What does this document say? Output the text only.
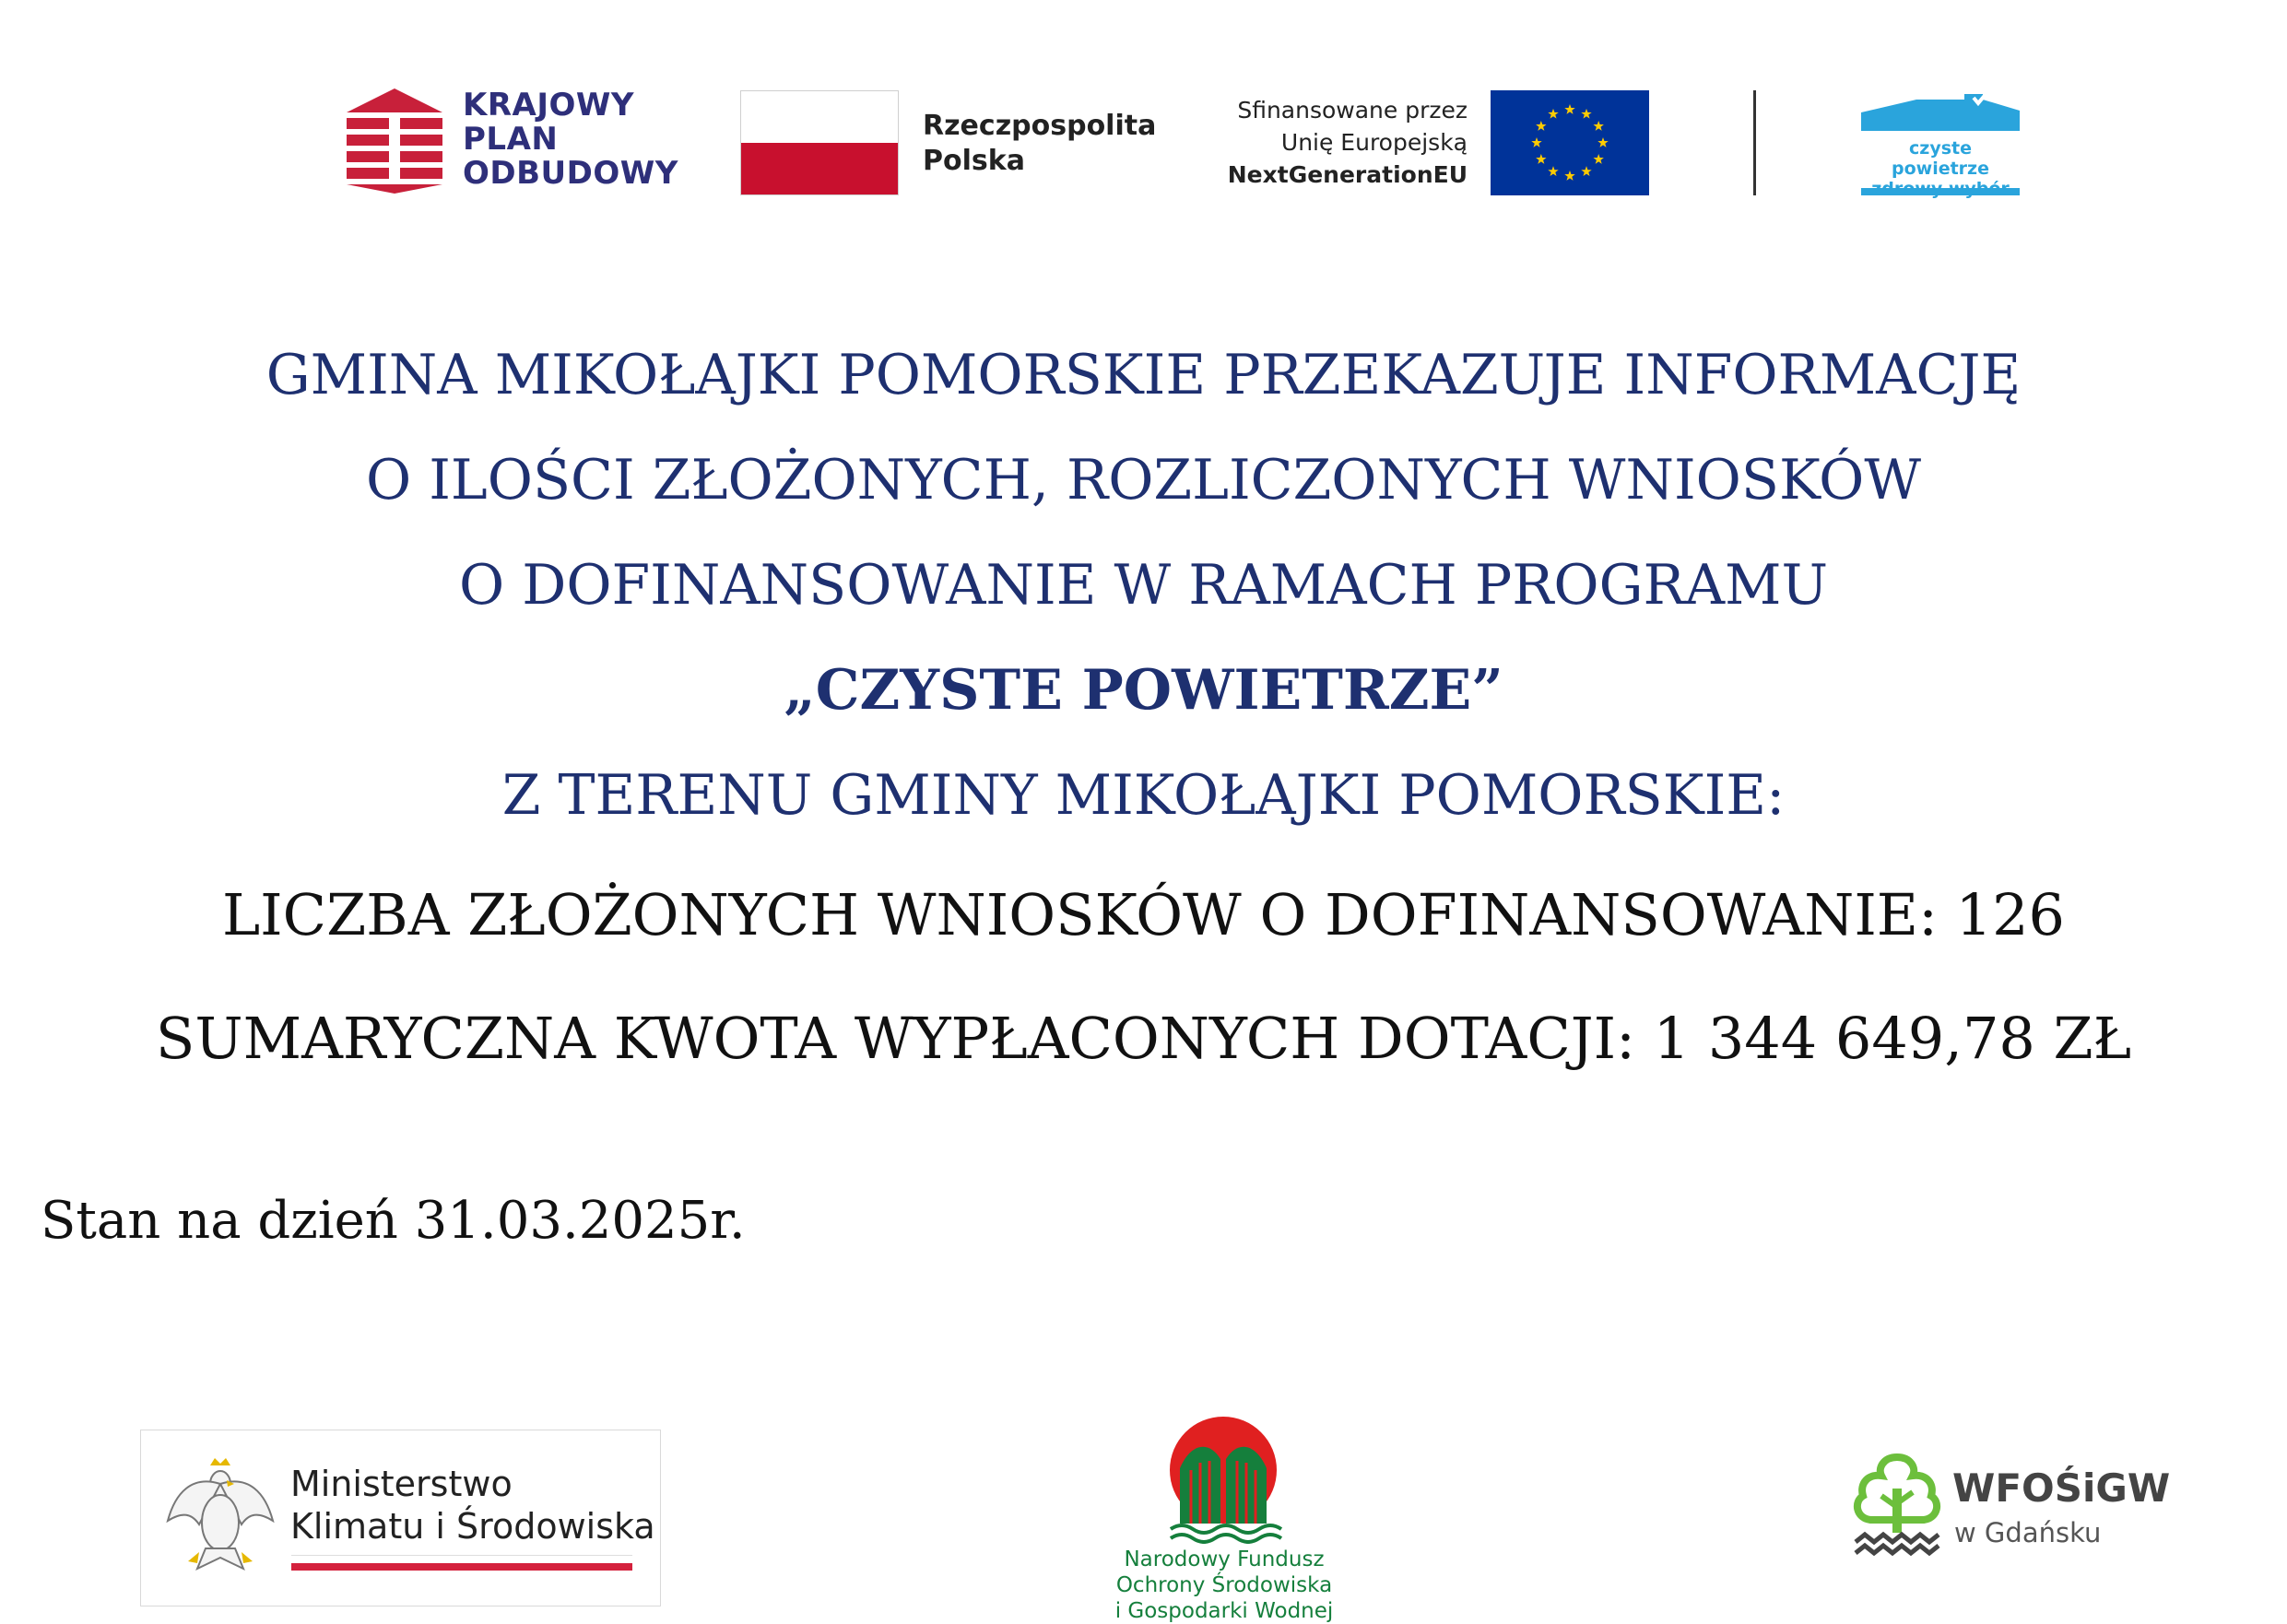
KRAJOWY
PLAN
ODBUDOWY
Rzeczpospolita
Polska
Sfinansowane przez
Unię Europejską
NextGenerationEU
czyste powietrze
zdrowy wybór
GMINA MIKOŁAJKI POMORSKIE PRZEKAZUJE INFORMACJĘ
O ILOŚCI ZŁOŻONYCH, ROZLICZONYCH WNIOSKÓW
O DOFINANSOWANIE W RAMACH PROGRAMU
„CZYSTE POWIETRZE”
Z TERENU GMINY MIKOŁAJKI POMORSKIE:
LICZBA ZŁOŻONYCH WNIOSKÓW O DOFINANSOWANIE: 126
SUMARYCZNA KWOTA WYPŁACONYCH DOTACJI: 1 344 649,78 ZŁ
Stan na dzień 31.03.2025r.
Ministerstwo
Klimatu i Środowiska
Narodowy Fundusz
Ochrony Środowiska
i Gospodarki Wodnej
WFOŚiGW
w Gdańsku
